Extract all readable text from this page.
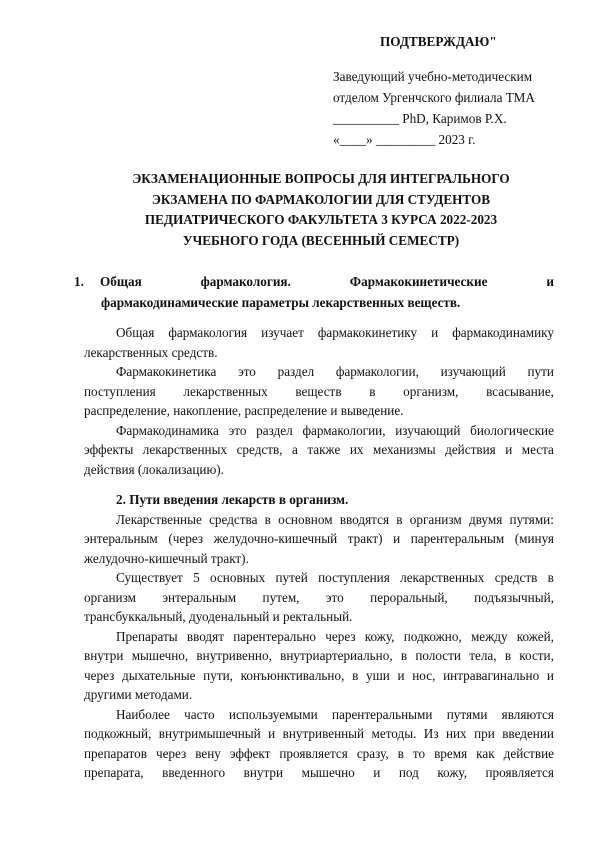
ПОДТВЕРЖДАЮ"
Заведующий учебно-методическим
отделом Ургенчского филиала ТМА
__________ PhD, Каримов Р.Х.
«____» _________ 2023 г.
ЭКЗАМЕНАЦИОННЫЕ ВОПРОСЫ ДЛЯ ИНТЕГРАЛЬНОГО
ЭКЗАМЕНА ПО ФАРМАКОЛОГИИ ДЛЯ СТУДЕНТОВ
ПЕДИАТРИЧЕСКОГО ФАКУЛЬТЕТА 3 КУРСА 2022-2023
УЧЕБНОГО ГОДА (ВЕСЕННЫЙ СЕМЕСТР)
1.	Общая	фармакология.	Фармакокинетические	и
фармакодинамические параметры лекарственных веществ.
Общая фармакология изучает фармакокинетику и фармакодинамику
лекарственных средств.
Фармакокинетика это раздел фармакологии, изучающий пути
поступления лекарственных веществ в организм, всасывание,
распределение, накопление, распределение и выведение.
Фармакодинамика это раздел фармакологии, изучающий биологические
эффекты лекарственных средств, а также их механизмы действия и места
действия (локализацию).
2. Пути введения лекарств в организм.
Лекарственные средства в основном вводятся в организм двумя путями:
энтеральным (через желудочно-кишечный тракт) и парентеральным (минуя
желудочно-кишечный тракт).
Существует 5 основных путей поступления лекарственных средств в
организм энтеральным путем, это пероральный, подъязычный,
трансбуккальный, дуоденальный и ректальный.
Препараты вводят парентерально через кожу, подкожно, между кожей,
внутри мышечно, внутривенно, внутриартериально, в полости тела, в кости,
через дыхательные пути, конъюнктивально, в уши и нос, интравагинально и
другими методами.
Наиболее часто используемыми парентеральными путями являются
подкожный, внутримышечный и внутривенный методы. Из них при введении
препаратов через вену эффект проявляется сразу, в то время как действие
препарата, введенного внутри мышечно и под кожу, проявляется
